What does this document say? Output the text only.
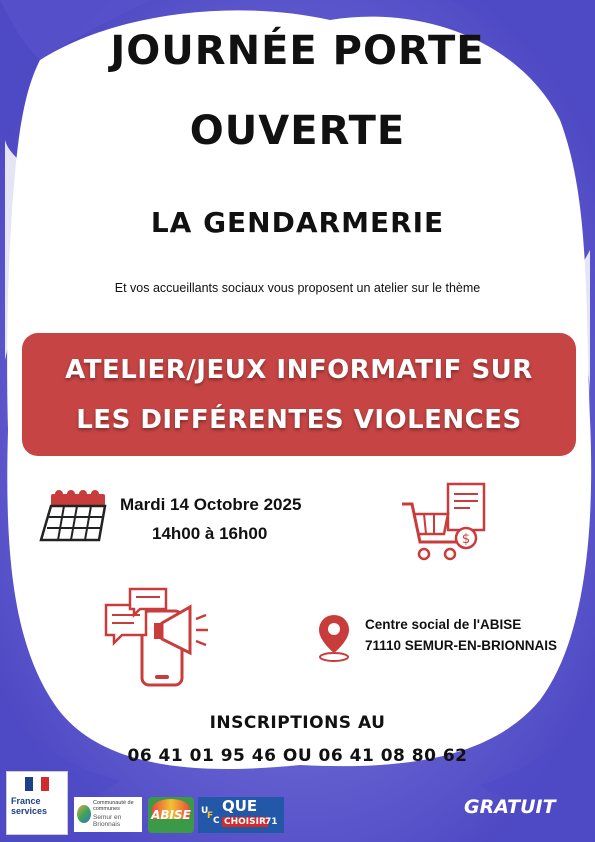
JOURNÉE PORTE
OUVERTE
LA GENDARMERIE
Et vos accueillants sociaux vous proposent un atelier sur le thème
ATELIER/JEUX INFORMATIF SUR
LES DIFFÉRENTES VIOLENCES
Mardi 14 Octobre 2025
14h00 à 16h00	$
Centre social de l'ABISE
71110 SEMUR-EN-BRIONNAIS
INSCRIPTIONS AU
06 41 01 95 46 OU 06 41 08 80 62
France services
Communauté de communes
Semur en Brionnais
ABISE	U
F C
QUE
CHOISIR 71
GRATUIT
